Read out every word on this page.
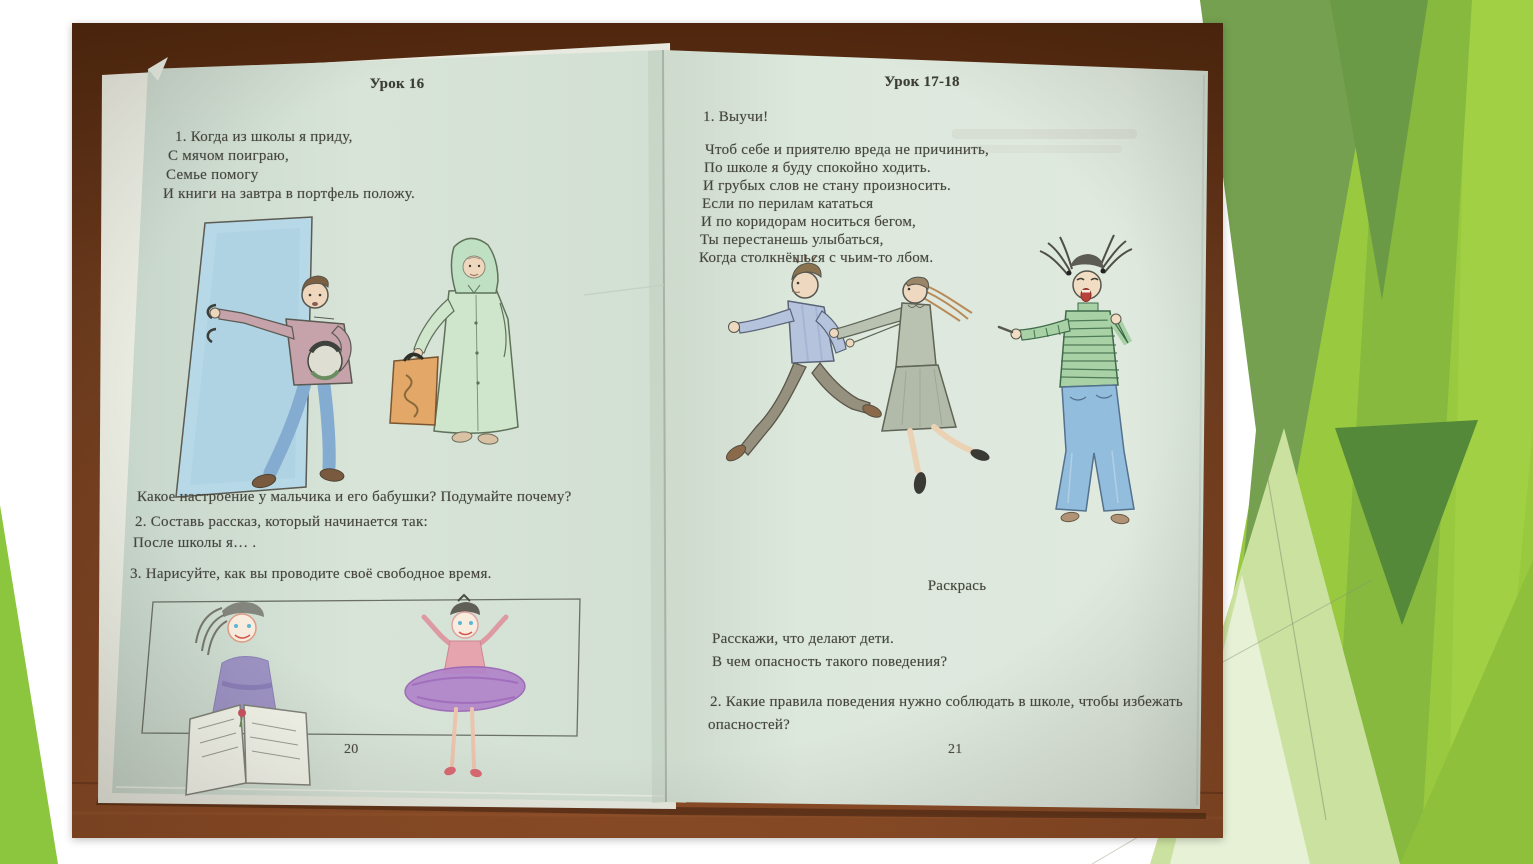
Урок 16
1. Когда из школы я приду,
С мячом поиграю,
Семье помогу
И книги на завтра в портфель положу.
Какое настроение у мальчика и его бабушки? Подумайте почему?
2. Составь рассказ, который начинается так:
После школы я… .
3. Нарисуйте, как вы проводите своё свободное время.
20
Урок 17-18
1. Выучи!
Чтоб себе и приятелю вреда не причинить,
По школе я буду спокойно ходить.
И грубых слов не стану произносить.
Если по перилам кататься
И по коридорам носиться бегом,
Ты перестанешь улыбаться,
Когда столкнёшься с чьим-то лбом.
Раскрась
Расскажи, что делают дети.
В чем опасность такого поведения?
2. Какие правила поведения нужно соблюдать в школе, чтобы избежать
опасностей?
21
